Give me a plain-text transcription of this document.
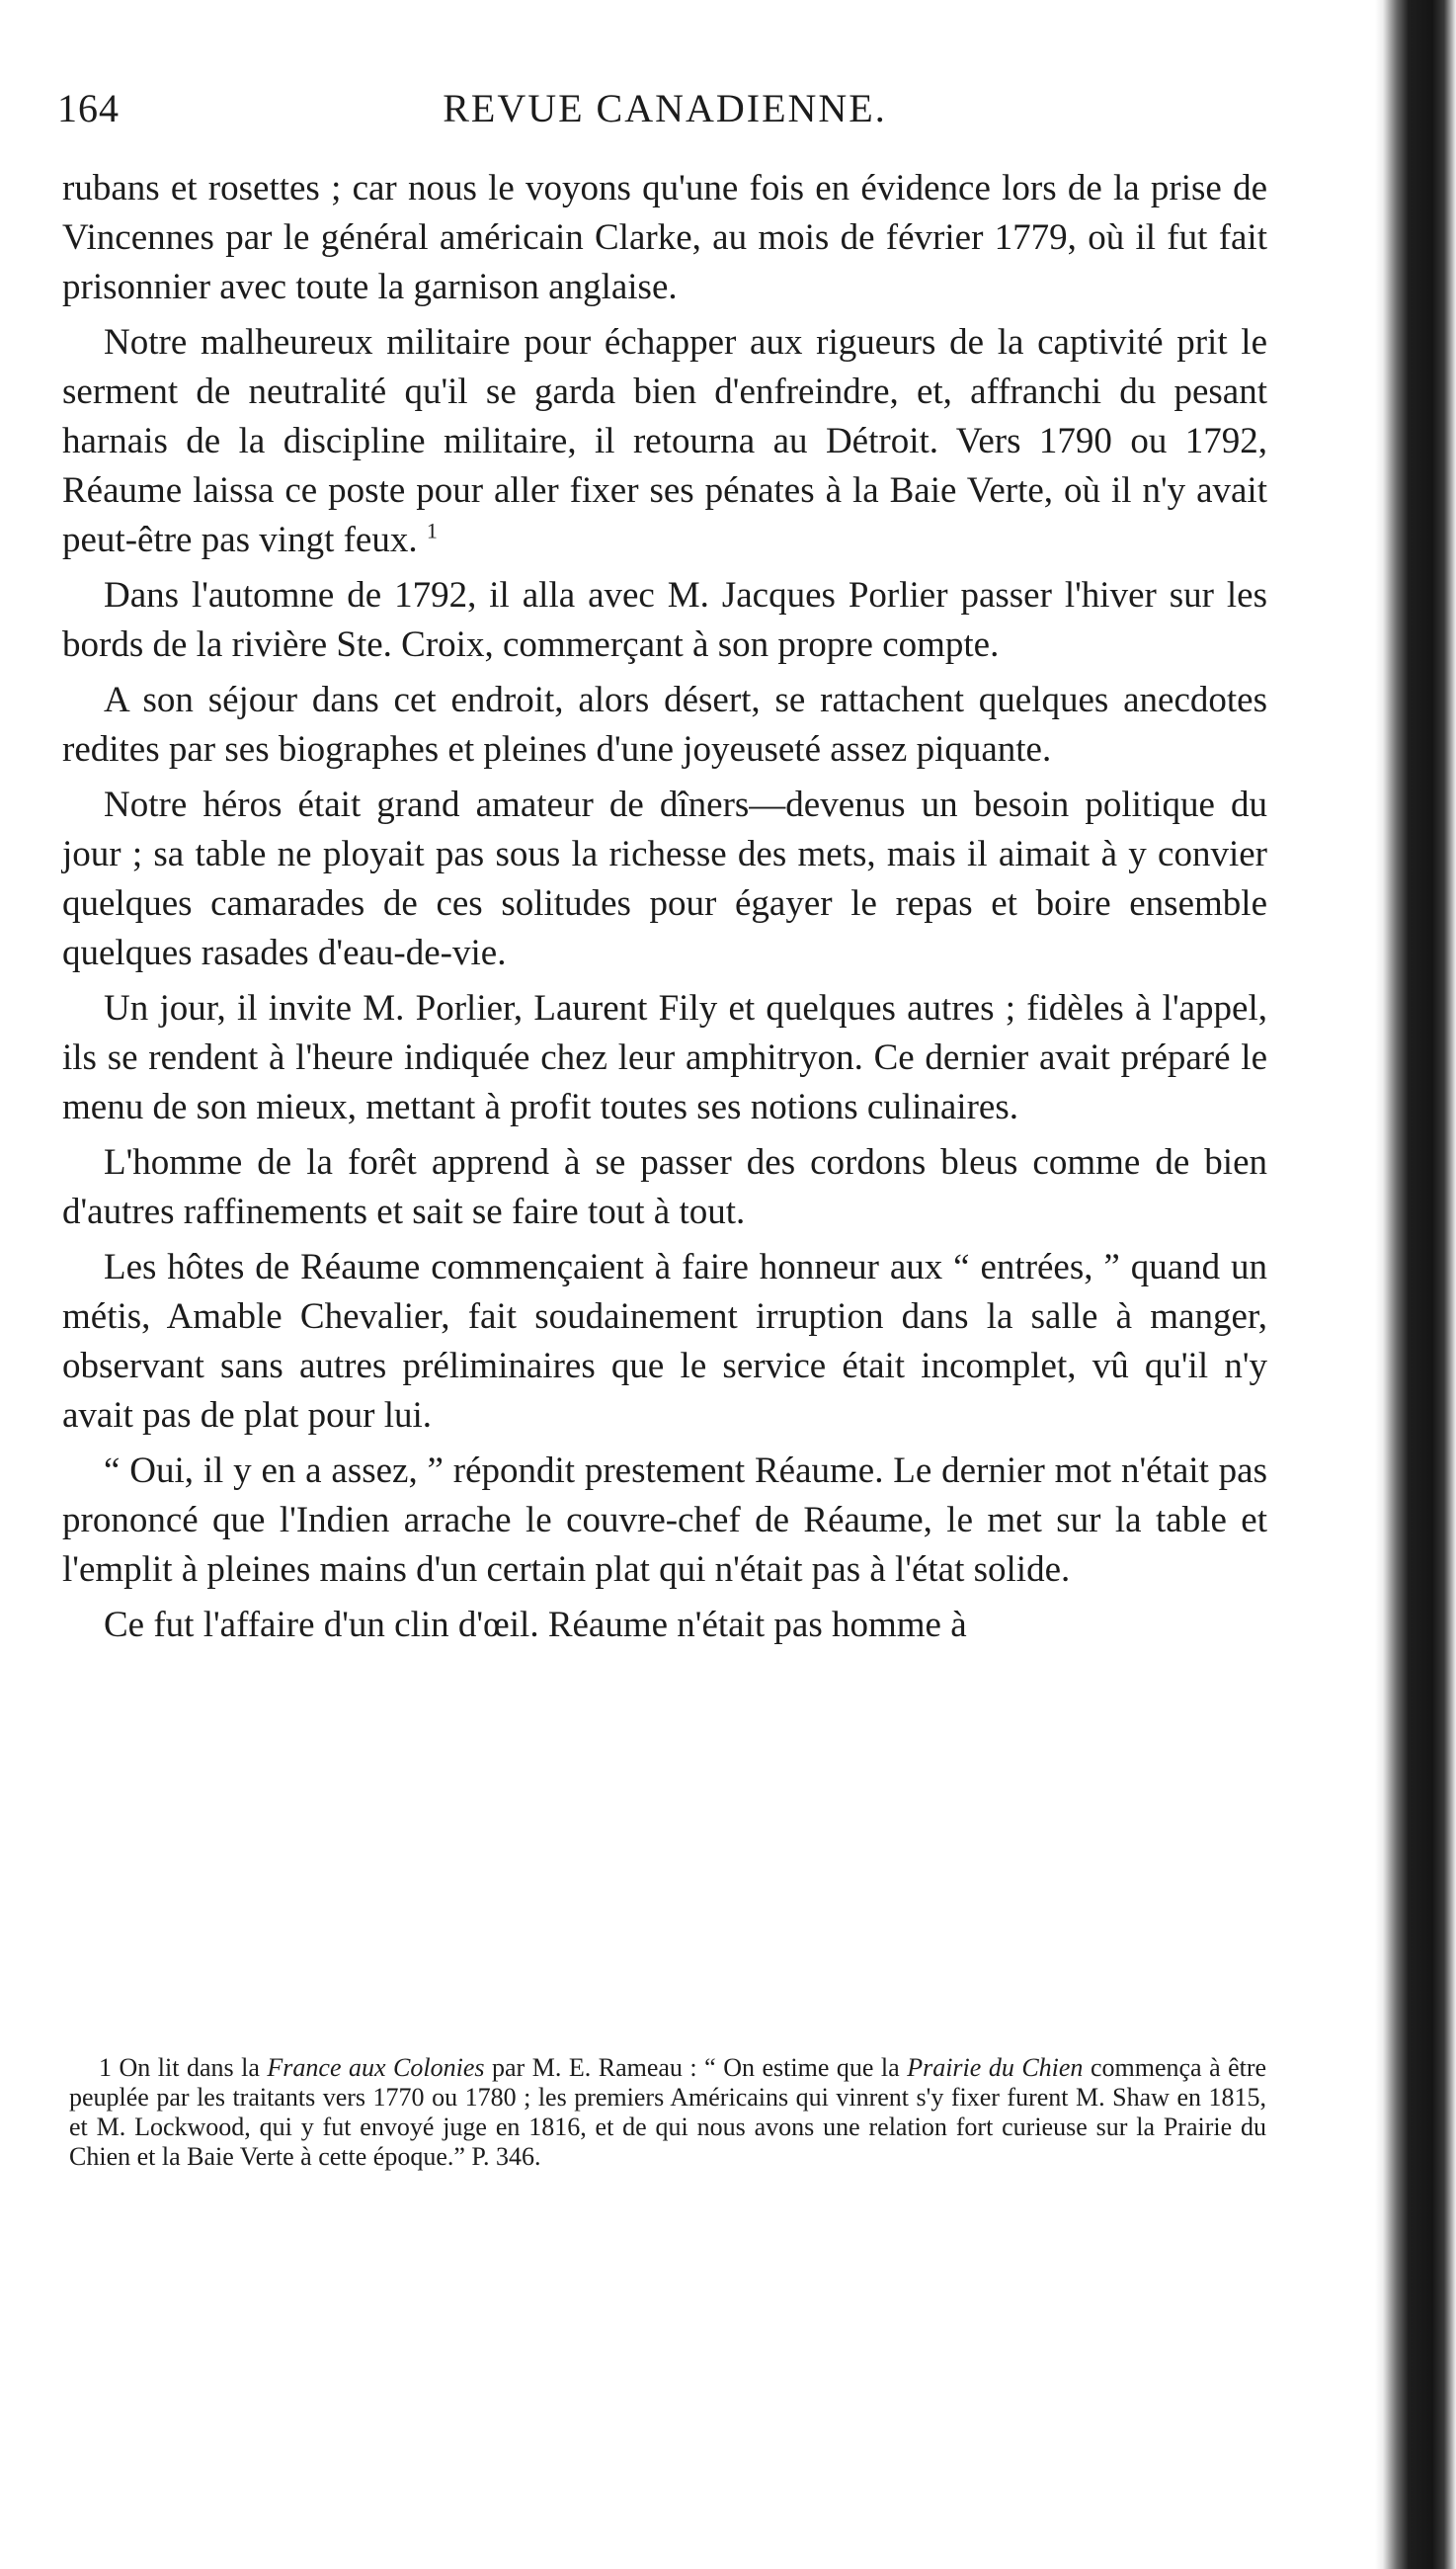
164	REVUE CANADIENNE.

rubans et rosettes ; car nous le voyons qu'une fois en évidence lors de la prise de Vincennes par le général américain Clarke, au mois de février 1779, où il fut fait prisonnier avec toute la garnison anglaise.

Notre malheureux militaire pour échapper aux rigueurs de la captivité prit le serment de neutralité qu'il se garda bien d'enfreindre, et, affranchi du pesant harnais de la discipline militaire, il retourna au Détroit. Vers 1790 ou 1792, Réaume laissa ce poste pour aller fixer ses pénates à la Baie Verte, où il n'y avait peut-être pas vingt feux. $^1$

Dans l'automne de 1792, il alla avec M. Jacques Porlier passer l'hiver sur les bords de la rivière Ste. Croix, commerçant à son propre compte.

A son séjour dans cet endroit, alors désert, se rattachent quelques anecdotes redites par ses biographes et pleines d'une joyeuseté assez piquante.

Notre héros était grand amateur de dîners—devenus un besoin politique du jour ; sa table ne ployait pas sous la richesse des mets, mais il aimait à y convier quelques camarades de ces solitudes pour égayer le repas et boire ensemble quelques rasades d'eau-de-vie.

Un jour, il invite M. Porlier, Laurent Fily et quelques autres ; fidèles à l'appel, ils se rendent à l'heure indiquée chez leur amphitryon. Ce dernier avait préparé le menu de son mieux, mettant à profit toutes ses notions culinaires.

L'homme de la forêt apprend à se passer des cordons bleus comme de bien d'autres raffinements et sait se faire tout à tout.

Les hôtes de Réaume commençaient à faire honneur aux “ entrées, ” quand un métis, Amable Chevalier, fait soudainement irruption dans la salle à manger, observant sans autres préliminaires que le service était incomplet, vû qu'il n'y avait pas de plat pour lui.

“ Oui, il y en a assez, ” répondit prestement Réaume. Le dernier mot n'était pas prononcé que l'Indien arrache le couvre-chef de Réaume, le met sur la table et l'emplit à pleines mains d'un certain plat qui n'était pas à l'état solide.

Ce fut l'affaire d'un clin d'œil. Réaume n'était pas homme à

1 On lit dans la France aux Colonies par M. E. Rameau : “ On estime que la Prairie du Chien commença à être peuplée par les traitants vers 1770 ou 1780 ; les premiers Américains qui vinrent s'y fixer furent M. Shaw en 1815, et M. Lockwood, qui y fut envoyé juge en 1816, et de qui nous avons une relation fort curieuse sur la Prairie du Chien et la Baie Verte à cette époque.” P. 346.
